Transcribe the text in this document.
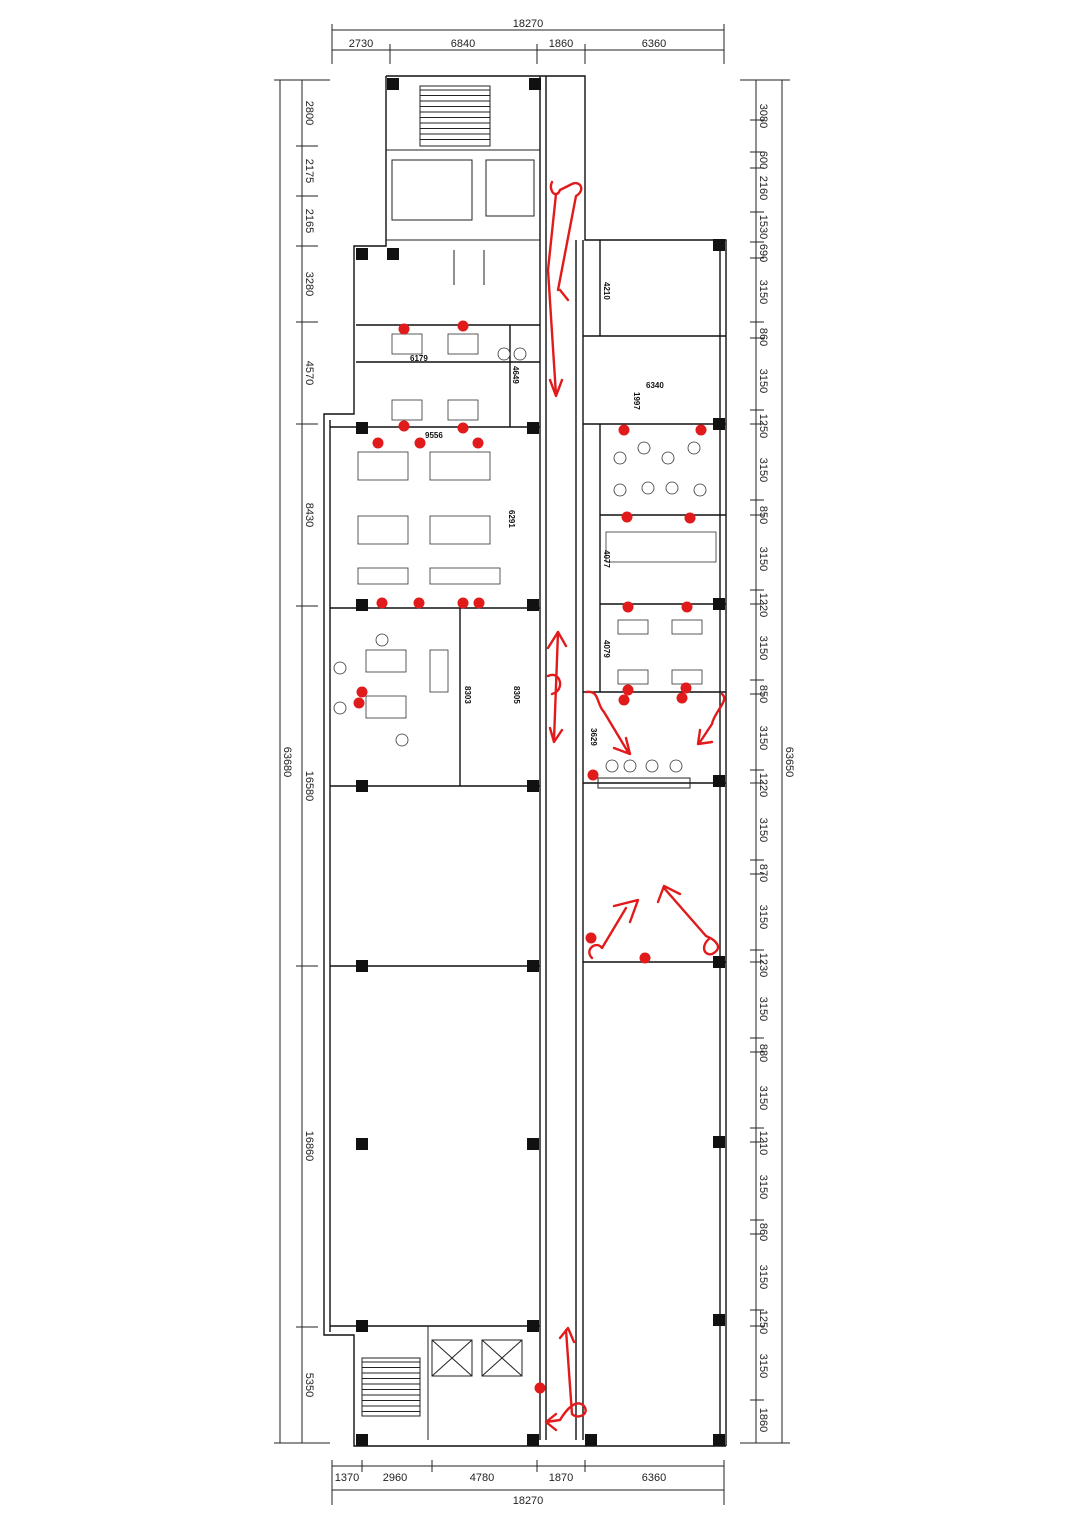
18270
2730	6840	1860	6360
1370 2960	4780	1870	6360
18270
2800
2175
2165
3280
4570
8430
16580
16860
5350
63680
3080
600
2160
1530
690
3150
860
3150
1250
3150
850
3150
1220
3150
850
3150
1220
3150
870
3150
1230
3150
880
3150
1210
3150
860
3150
1250
3150
1860
63650
6179
4649
9556
6291
8303	8305
4210
6340
1997
4077
4079
3629
